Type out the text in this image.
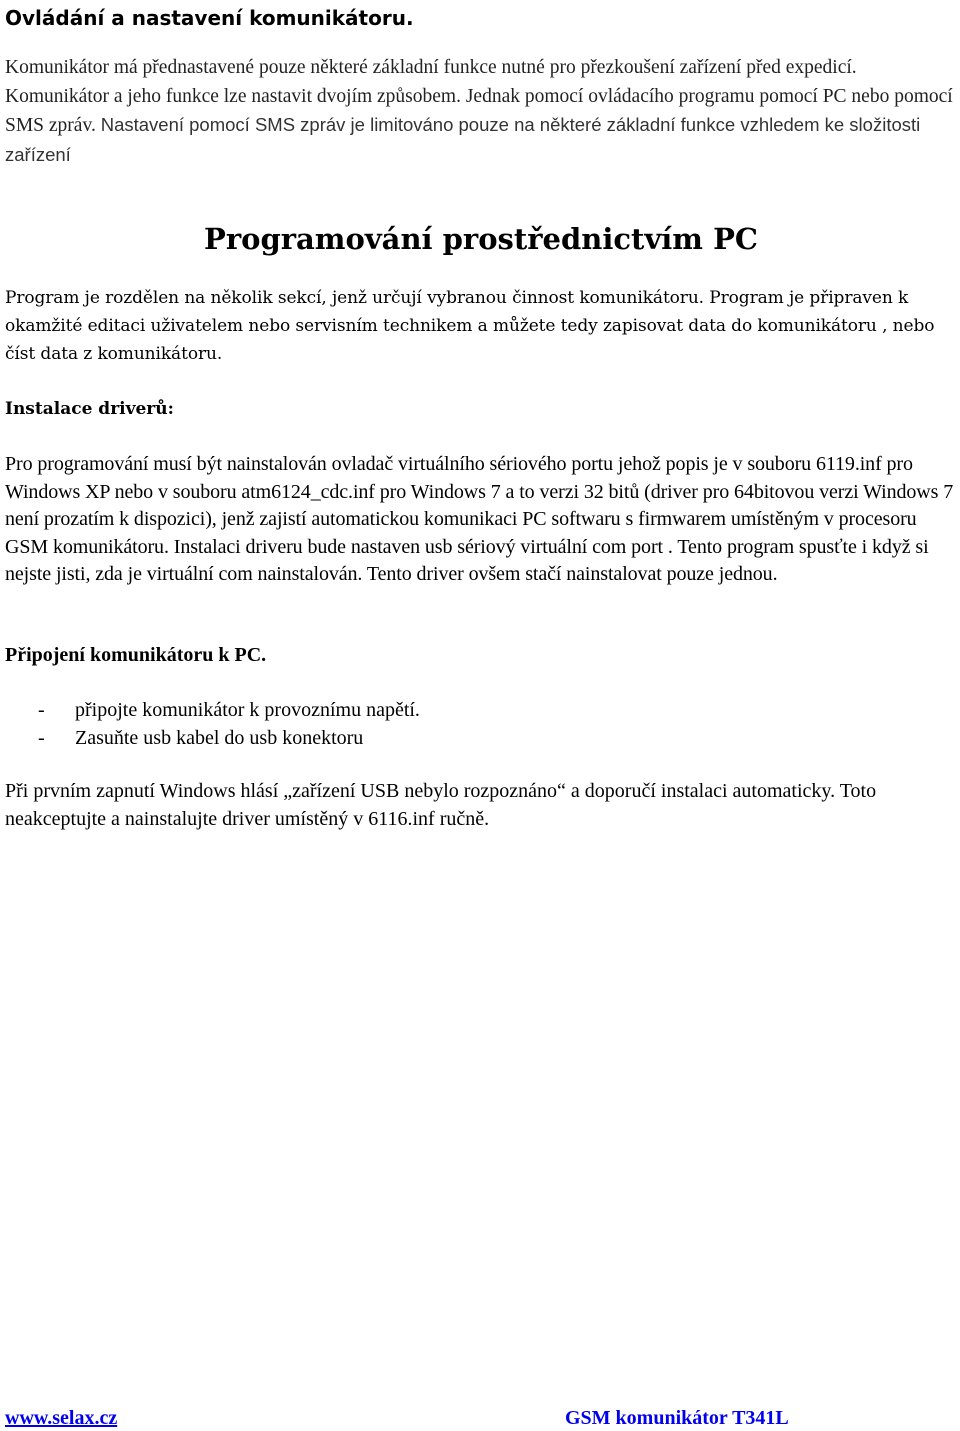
Ovládání a nastavení komunikátoru.

Komunikátor má přednastavené pouze některé základní funkce nutné pro přezkoušení zařízení před expedicí. Komunikátor a jeho funkce lze nastavit dvojím způsobem. Jednak pomocí ovládacího programu pomocí PC nebo pomocí SMS zpráv. Nastavení pomocí SMS zpráv je limitováno pouze na některé základní funkce vzhledem ke složitosti zařízení

Programování prostřednictvím PC

Program je rozdělen na několik sekcí, jenž určují vybranou činnost komunikátoru. Program je připraven k okamžité editaci uživatelem nebo servisním technikem a můžete tedy zapisovat data do komunikátoru , nebo číst data z komunikátoru.

Instalace driverů:

Pro programování musí být nainstalován ovladač virtuálního sériového portu jehož popis je v souboru 6119.inf pro Windows XP nebo v souboru atm6124_cdc.inf pro Windows 7 a to verzi 32 bitů (driver pro 64bitovou verzi Windows 7 není prozatím k dispozici), jenž zajistí automatickou komunikaci PC softwaru s firmwarem umístěným v procesoru GSM komunikátoru. Instalaci driveru bude nastaven usb sériový virtuální com port . Tento program spusťte i když si nejste jisti, zda je virtuální com nainstalován. Tento driver ovšem stačí nainstalovat pouze jednou.

Připojení komunikátoru k PC.
- připojte komunikátor k provoznímu napětí.
- Zasuňte usb kabel do usb konektoru

Při prvním zapnutí Windows hlásí „zařízení USB nebylo rozpoznáno“ a doporučí instalaci automaticky. Toto neakceptujte a nainstalujte driver umístěný v 6116.inf ručně.

www.selax.cz	GSM komunikátor T341L
